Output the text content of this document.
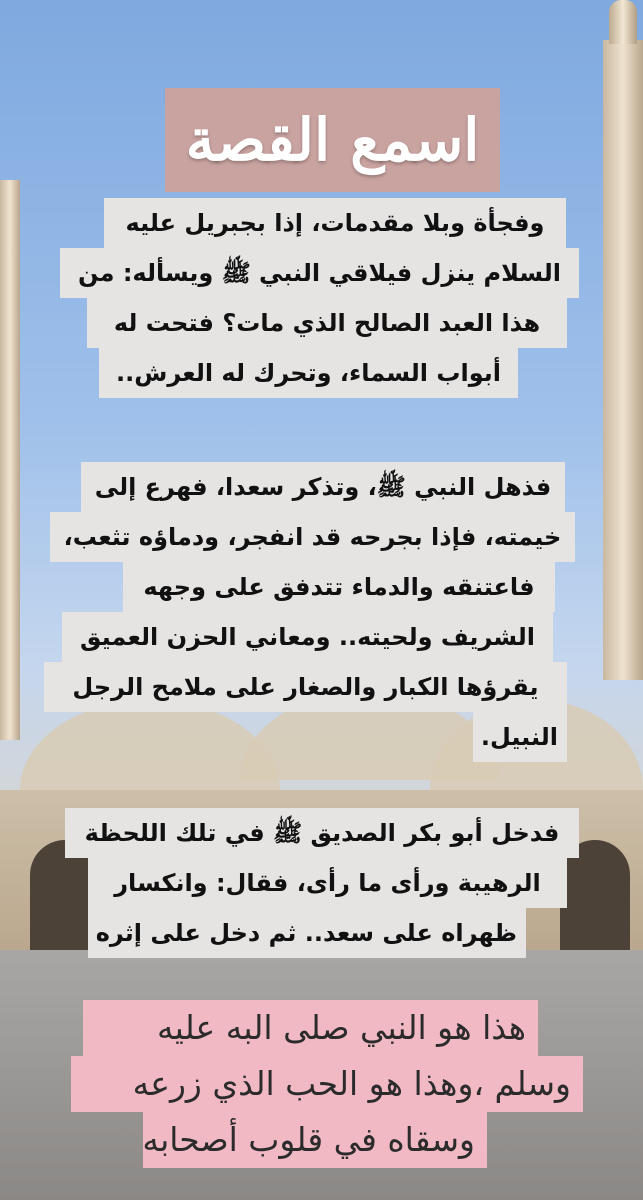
اسمع القصة
وفجأة وبلا مقدمات، إذا بجبريل عليه
السلام ينزل فيلاقي النبي ﷺ ويسأله: من
هذا العبد الصالح الذي مات؟ فتحت له
أبواب السماء، وتحرك له العرش..
فذهل النبي ﷺ، وتذكر سعدا، فهرع إلى
خيمته، فإذا بجرحه قد انفجر، ودماؤه تثعب،
فاعتنقه والدماء تتدفق على وجهه
الشريف ولحيته.. ومعاني الحزن العميق
يقرؤها الكبار والصغار على ملامح الرجل
النبيل.
فدخل أبو بكر الصديق ﷺ في تلك اللحظة
الرهيبة ورأى ما رأى، فقال: وانكسار
ظهراه على سعد.. ثم دخل على إثره
هذا هو النبي صلى البه عليه
وسلم ،وهذا هو الحب الذي زرعه
وسقاه في قلوب أصحابه
